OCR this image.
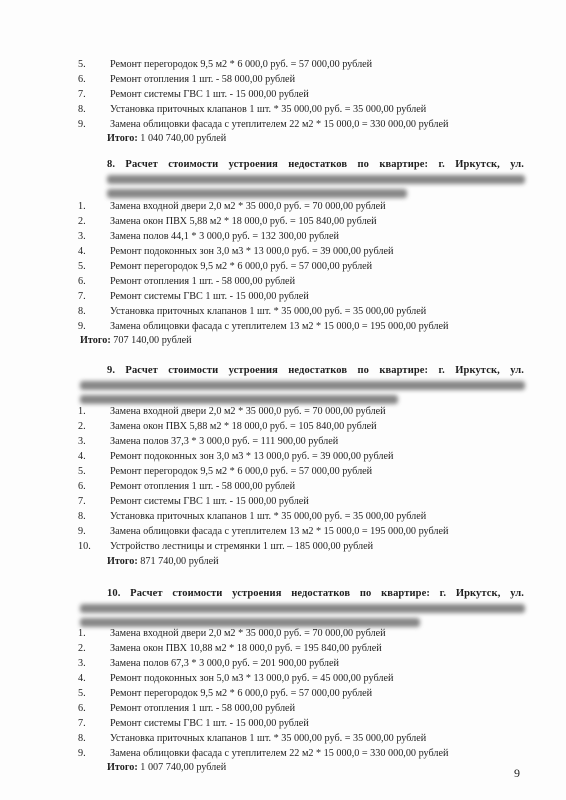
5. Ремонт перегородок 9,5 м2 * 6 000,0 руб. = 57 000,00 рублей
6. Ремонт отопления 1 шт. - 58 000,00 рублей
7. Ремонт системы ГВС 1 шт. - 15 000,00 рублей
8. Установка приточных клапанов 1 шт. * 35 000,00 руб. = 35 000,00 рублей
9. Замена облицовки фасада с утеплителем 22 м2 * 15 000,0 = 330 000,00 рублей
Итого: 1 040 740,00 рублей
8. Расчет стоимости устроения недостатков по квартире: г. Иркутск, ул.
1. Замена входной двери 2,0 м2 * 35 000,0 руб. = 70 000,00 рублей
2. Замена окон ПВХ 5,88 м2 * 18 000,0 руб. = 105 840,00 рублей
3. Замена полов 44,1 * 3 000,0 руб. = 132 300,00 рублей
4. Ремонт подоконных зон 3,0 м3 * 13 000,0 руб. = 39 000,00 рублей
5. Ремонт перегородок 9,5 м2 * 6 000,0 руб. = 57 000,00 рублей
6. Ремонт отопления 1 шт. - 58 000,00 рублей
7. Ремонт системы ГВС 1 шт. - 15 000,00 рублей
8. Установка приточных клапанов 1 шт. * 35 000,00 руб. = 35 000,00 рублей
9. Замена облицовки фасада с утеплителем 13 м2 * 15 000,0 = 195 000,00 рублей
Итого: 707 140,00 рублей
9. Расчет стоимости устроения недостатков по квартире: г. Иркутск, ул.
1. Замена входной двери 2,0 м2 * 35 000,0 руб. = 70 000,00 рублей
2. Замена окон ПВХ 5,88 м2 * 18 000,0 руб. = 105 840,00 рублей
3. Замена полов 37,3 * 3 000,0 руб. = 111 900,00 рублей
4. Ремонт подоконных зон 3,0 м3 * 13 000,0 руб. = 39 000,00 рублей
5. Ремонт перегородок 9,5 м2 * 6 000,0 руб. = 57 000,00 рублей
6. Ремонт отопления 1 шт. - 58 000,00 рублей
7. Ремонт системы ГВС 1 шт. - 15 000,00 рублей
8. Установка приточных клапанов 1 шт. * 35 000,00 руб. = 35 000,00 рублей
9. Замена облицовки фасада с утеплителем 13 м2 * 15 000,0 = 195 000,00 рублей
10. Устройство лестницы и стремянки 1 шт. – 185 000,00 рублей
Итого: 871 740,00 рублей
10. Расчет стоимости устроения недостатков по квартире: г. Иркутск, ул.
1. Замена входной двери 2,0 м2 * 35 000,0 руб. = 70 000,00 рублей
2. Замена окон ПВХ 10,88 м2 * 18 000,0 руб. = 195 840,00 рублей
3. Замена полов 67,3 * 3 000,0 руб. = 201 900,00 рублей
4. Ремонт подоконных зон 5,0 м3 * 13 000,0 руб. = 45 000,00 рублей
5. Ремонт перегородок 9,5 м2 * 6 000,0 руб. = 57 000,00 рублей
6. Ремонт отопления 1 шт. - 58 000,00 рублей
7. Ремонт системы ГВС 1 шт. - 15 000,00 рублей
8. Установка приточных клапанов 1 шт. * 35 000,00 руб. = 35 000,00 рублей
9. Замена облицовки фасада с утеплителем 22 м2 * 15 000,0 = 330 000,00 рублей
Итого: 1 007 740,00 рублей	9
